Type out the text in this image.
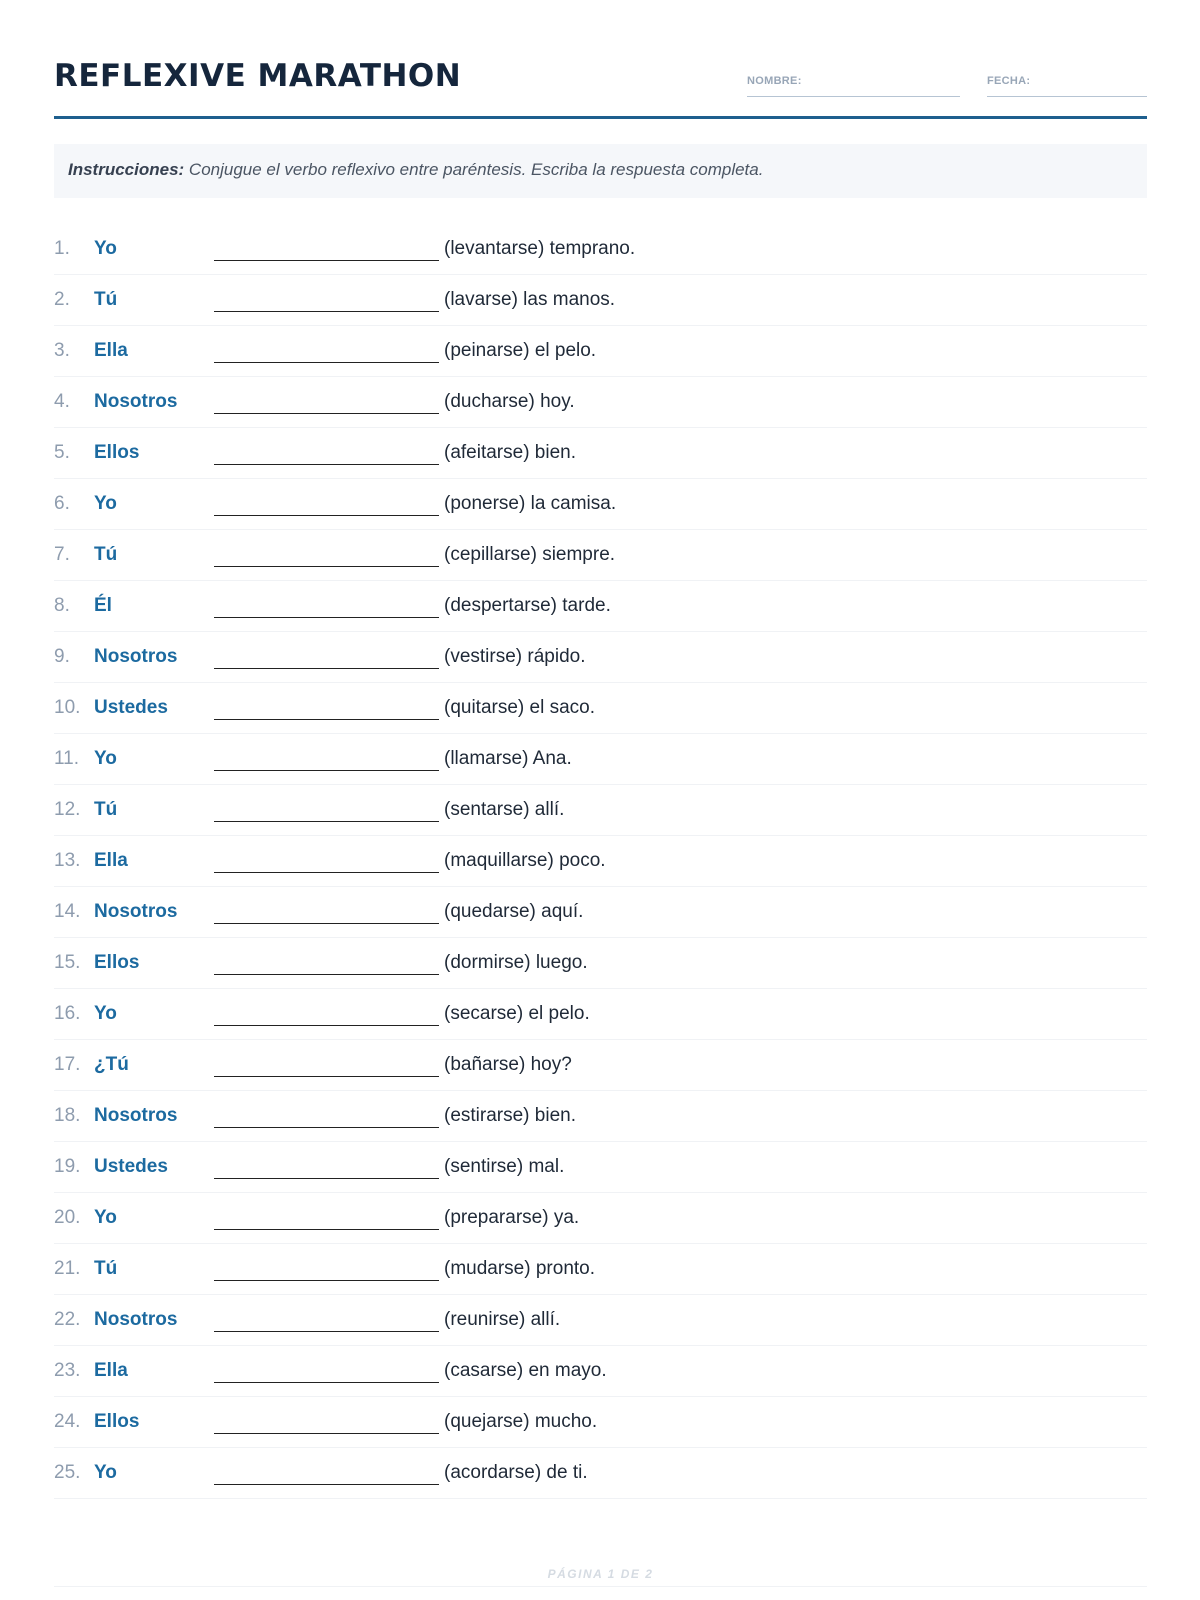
REFLEXIVE MARATHON	NOMBRE:	FECHA:
Instrucciones: Conjugue el verbo reflexivo entre paréntesis. Escriba la respuesta completa.
1. Yo	(levantarse) temprano.
2. Tú	(lavarse) las manos.
3. Ella	(peinarse) el pelo.
4. Nosotros	(ducharse) hoy.
5. Ellos	(afeitarse) bien.
6. Yo	(ponerse) la camisa.
7. Tú	(cepillarse) siempre.
8. Él	(despertarse) tarde.
9. Nosotros	(vestirse) rápido.
10. Ustedes	(quitarse) el saco.
11. Yo	(llamarse) Ana.
12. Tú	(sentarse) allí.
13. Ella	(maquillarse) poco.
14. Nosotros	(quedarse) aquí.
15. Ellos	(dormirse) luego.
16. Yo	(secarse) el pelo.
17. ¿Tú	(bañarse) hoy?
18. Nosotros	(estirarse) bien.
19. Ustedes	(sentirse) mal.
20. Yo	(prepararse) ya.
21. Tú	(mudarse) pronto.
22. Nosotros	(reunirse) allí.
23. Ella	(casarse) en mayo.
24. Ellos	(quejarse) mucho.
25. Yo	(acordarse) de ti.
PÁGINA 1 DE 2
